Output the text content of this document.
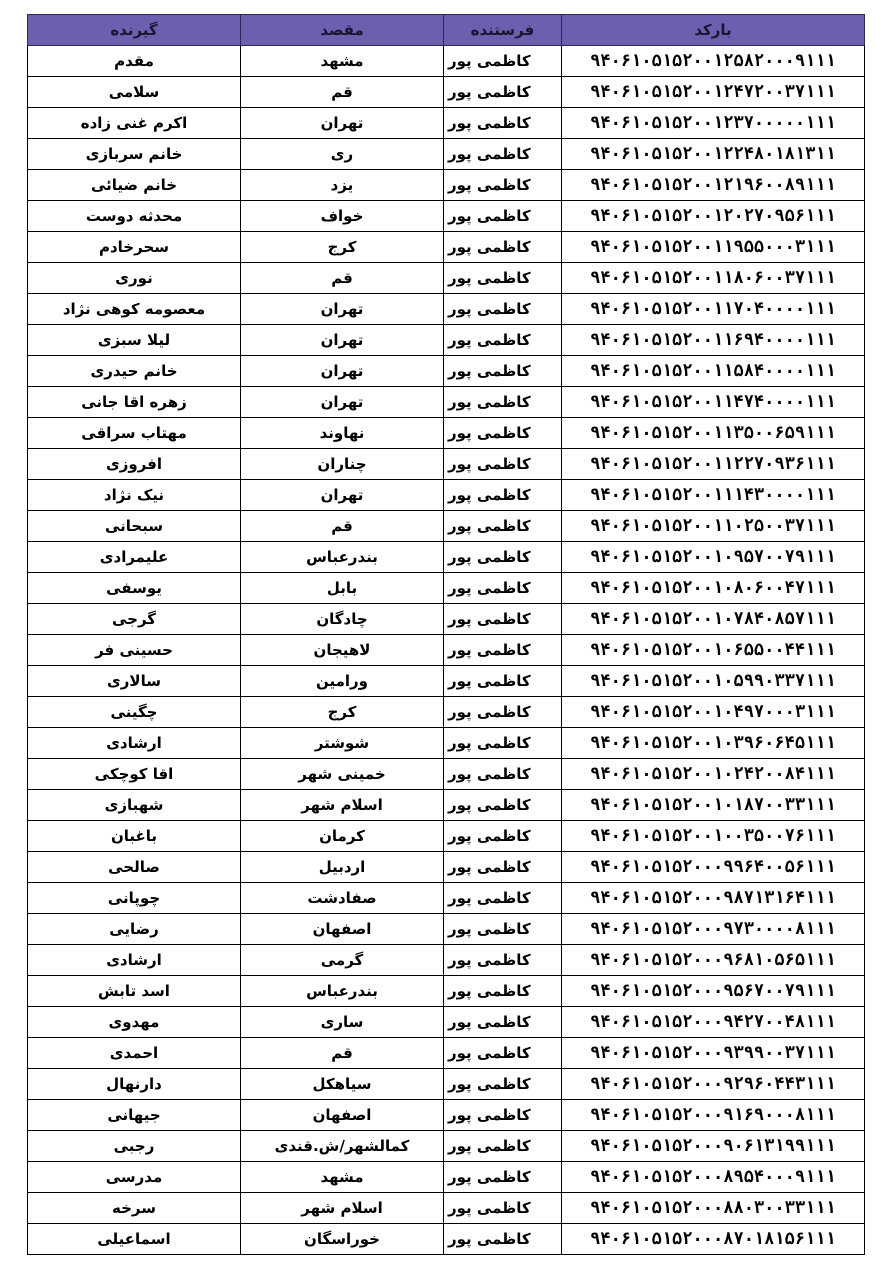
گیرنده	مقصد	فرستنده	بارکد
مقدم	مشهد	کاظمی پور	۹۴۰۶۱۰۵۱۵۲۰۰۱۲۵۸۲۰۰۰۹۱۱۱
سلامی	قم	کاظمی پور	۹۴۰۶۱۰۵۱۵۲۰۰۱۲۴۷۲۰۰۳۷۱۱۱
اکرم غنی زاده	تهران	کاظمی پور	۹۴۰۶۱۰۵۱۵۲۰۰۱۲۳۷۰۰۰۰۰۱۱۱
خانم سربازی	ری	کاظمی پور	۹۴۰۶۱۰۵۱۵۲۰۰۱۲۲۴۸۰۱۸۱۳۱۱
خانم ضیائی	یزد	کاظمی پور	۹۴۰۶۱۰۵۱۵۲۰۰۱۲۱۹۶۰۰۸۹۱۱۱
محدثه دوست	خواف	کاظمی پور	۹۴۰۶۱۰۵۱۵۲۰۰۱۲۰۲۷۰۹۵۶۱۱۱
سحرخادم	کرج	کاظمی پور	۹۴۰۶۱۰۵۱۵۲۰۰۱۱۹۵۵۰۰۰۳۱۱۱
نوری	قم	کاظمی پور	۹۴۰۶۱۰۵۱۵۲۰۰۱۱۸۰۶۰۰۳۷۱۱۱
معصومه کوهی نژاد	تهران	کاظمی پور	۹۴۰۶۱۰۵۱۵۲۰۰۱۱۷۰۴۰۰۰۰۱۱۱
لیلا سبزی	تهران	کاظمی پور	۹۴۰۶۱۰۵۱۵۲۰۰۱۱۶۹۴۰۰۰۰۱۱۱
خانم حیدری	تهران	کاظمی پور	۹۴۰۶۱۰۵۱۵۲۰۰۱۱۵۸۴۰۰۰۰۱۱۱
زهره اقا جانی	تهران	کاظمی پور	۹۴۰۶۱۰۵۱۵۲۰۰۱۱۴۷۴۰۰۰۰۱۱۱
مهتاب سراقی	نهاوند	کاظمی پور	۹۴۰۶۱۰۵۱۵۲۰۰۱۱۳۵۰۰۶۵۹۱۱۱
افروزی	چناران	کاظمی پور	۹۴۰۶۱۰۵۱۵۲۰۰۱۱۲۲۷۰۹۳۶۱۱۱
نیک نژاد	تهران	کاظمی پور	۹۴۰۶۱۰۵۱۵۲۰۰۱۱۱۴۳۰۰۰۰۱۱۱
سبحانی	قم	کاظمی پور	۹۴۰۶۱۰۵۱۵۲۰۰۱۱۰۲۵۰۰۳۷۱۱۱
علیمرادی	بندرعباس	کاظمی پور	۹۴۰۶۱۰۵۱۵۲۰۰۱۰۹۵۷۰۰۷۹۱۱۱
یوسفی	بابل	کاظمی پور	۹۴۰۶۱۰۵۱۵۲۰۰۱۰۸۰۶۰۰۴۷۱۱۱
گرجی	چادگان	کاظمی پور	۹۴۰۶۱۰۵۱۵۲۰۰۱۰۷۸۴۰۸۵۷۱۱۱
حسینی فر	لاهیجان	کاظمی پور	۹۴۰۶۱۰۵۱۵۲۰۰۱۰۶۵۵۰۰۴۴۱۱۱
سالاری	ورامین	کاظمی پور	۹۴۰۶۱۰۵۱۵۲۰۰۱۰۵۹۹۰۳۳۷۱۱۱
چگینی	کرج	کاظمی پور	۹۴۰۶۱۰۵۱۵۲۰۰۱۰۴۹۷۰۰۰۳۱۱۱
ارشادی	شوشتر	کاظمی پور	۹۴۰۶۱۰۵۱۵۲۰۰۱۰۳۹۶۰۶۴۵۱۱۱
اقا کوچکی	خمینی شهر	کاظمی پور	۹۴۰۶۱۰۵۱۵۲۰۰۱۰۲۴۲۰۰۸۴۱۱۱
شهبازی	اسلام شهر	کاظمی پور	۹۴۰۶۱۰۵۱۵۲۰۰۱۰۱۸۷۰۰۳۳۱۱۱
باغبان	کرمان	کاظمی پور	۹۴۰۶۱۰۵۱۵۲۰۰۱۰۰۳۵۰۰۷۶۱۱۱
صالحی	اردبیل	کاظمی پور	۹۴۰۶۱۰۵۱۵۲۰۰۰۹۹۶۴۰۰۵۶۱۱۱
چوپانی	صفادشت	کاظمی پور	۹۴۰۶۱۰۵۱۵۲۰۰۰۹۸۷۱۳۱۶۴۱۱۱
رضایی	اصفهان	کاظمی پور	۹۴۰۶۱۰۵۱۵۲۰۰۰۹۷۳۰۰۰۰۸۱۱۱
ارشادی	گرمی	کاظمی پور	۹۴۰۶۱۰۵۱۵۲۰۰۰۹۶۸۱۰۵۶۵۱۱۱
اسد تابش	بندرعباس	کاظمی پور	۹۴۰۶۱۰۵۱۵۲۰۰۰۹۵۶۷۰۰۷۹۱۱۱
مهدوی	ساری	کاظمی پور	۹۴۰۶۱۰۵۱۵۲۰۰۰۹۴۲۷۰۰۴۸۱۱۱
احمدی	قم	کاظمی پور	۹۴۰۶۱۰۵۱۵۲۰۰۰۹۳۹۹۰۰۳۷۱۱۱
دارنهال	سیاهکل	کاظمی پور	۹۴۰۶۱۰۵۱۵۲۰۰۰۹۲۹۶۰۴۴۳۱۱۱
جیهانی	اصفهان	کاظمی پور	۹۴۰۶۱۰۵۱۵۲۰۰۰۹۱۶۹۰۰۰۸۱۱۱
رجبی	کمالشهر/ش.قندی	کاظمی پور	۹۴۰۶۱۰۵۱۵۲۰۰۰۹۰۶۱۳۱۹۹۱۱۱
مدرسی	مشهد	کاظمی پور	۹۴۰۶۱۰۵۱۵۲۰۰۰۸۹۵۴۰۰۰۹۱۱۱
سرخه	اسلام شهر	کاظمی پور	۹۴۰۶۱۰۵۱۵۲۰۰۰۸۸۰۳۰۰۳۳۱۱۱
اسماعیلی	خوراسگان	کاظمی پور	۹۴۰۶۱۰۵۱۵۲۰۰۰۸۷۰۱۸۱۵۶۱۱۱
